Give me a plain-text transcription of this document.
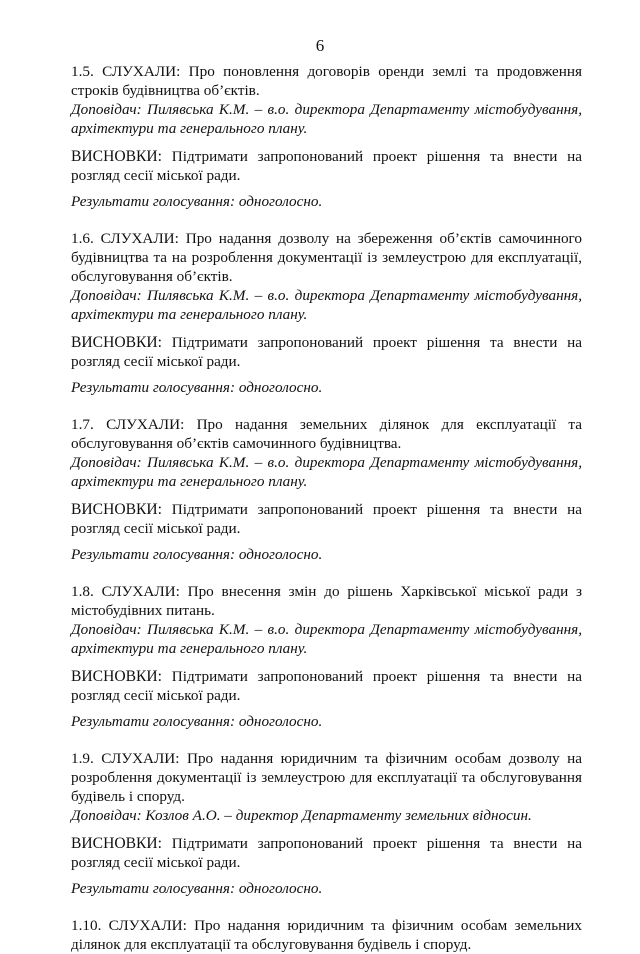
6

1.5. СЛУХАЛИ: Про поновлення договорів оренди землі та продовження строків будівництва об’єктів.

Доповідач: Пилявська К.М. – в.о. директора Департаменту містобудування, архітектури та генерального плану.

ВИСНОВКИ: Підтримати запропонований проект рішення та внести на розгляд сесії міської ради.

Результати голосування: одноголосно.

1.6. СЛУХАЛИ: Про надання дозволу на збереження об’єктів самочинного будівництва та на розроблення документації із землеустрою для експлуатації, обслуговування об’єктів.

Доповідач: Пилявська К.М. – в.о. директора Департаменту містобудування, архітектури та генерального плану.

ВИСНОВКИ: Підтримати запропонований проект рішення та внести на розгляд сесії міської ради.

Результати голосування: одноголосно.

1.7. СЛУХАЛИ: Про надання земельних ділянок для експлуатації та обслуговування об’єктів самочинного будівництва.

Доповідач: Пилявська К.М. – в.о. директора Департаменту містобудування, архітектури та генерального плану.

ВИСНОВКИ: Підтримати запропонований проект рішення та внести на розгляд сесії міської ради.

Результати голосування: одноголосно.

1.8. СЛУХАЛИ: Про внесення змін до рішень Харківської міської ради з містобудівних питань.

Доповідач: Пилявська К.М. – в.о. директора Департаменту містобудування, архітектури та генерального плану.

ВИСНОВКИ: Підтримати запропонований проект рішення та внести на розгляд сесії міської ради.

Результати голосування: одноголосно.

1.9. СЛУХАЛИ: Про надання юридичним та фізичним особам дозволу на розроблення документації із землеустрою для експлуатації та обслуговування будівель і споруд.

Доповідач: Козлов А.О. – директор Департаменту земельних відносин.

ВИСНОВКИ: Підтримати запропонований проект рішення та внести на розгляд сесії міської ради.

Результати голосування: одноголосно.

1.10. СЛУХАЛИ: Про надання юридичним та фізичним особам земельних ділянок для експлуатації та обслуговування будівель і споруд.
